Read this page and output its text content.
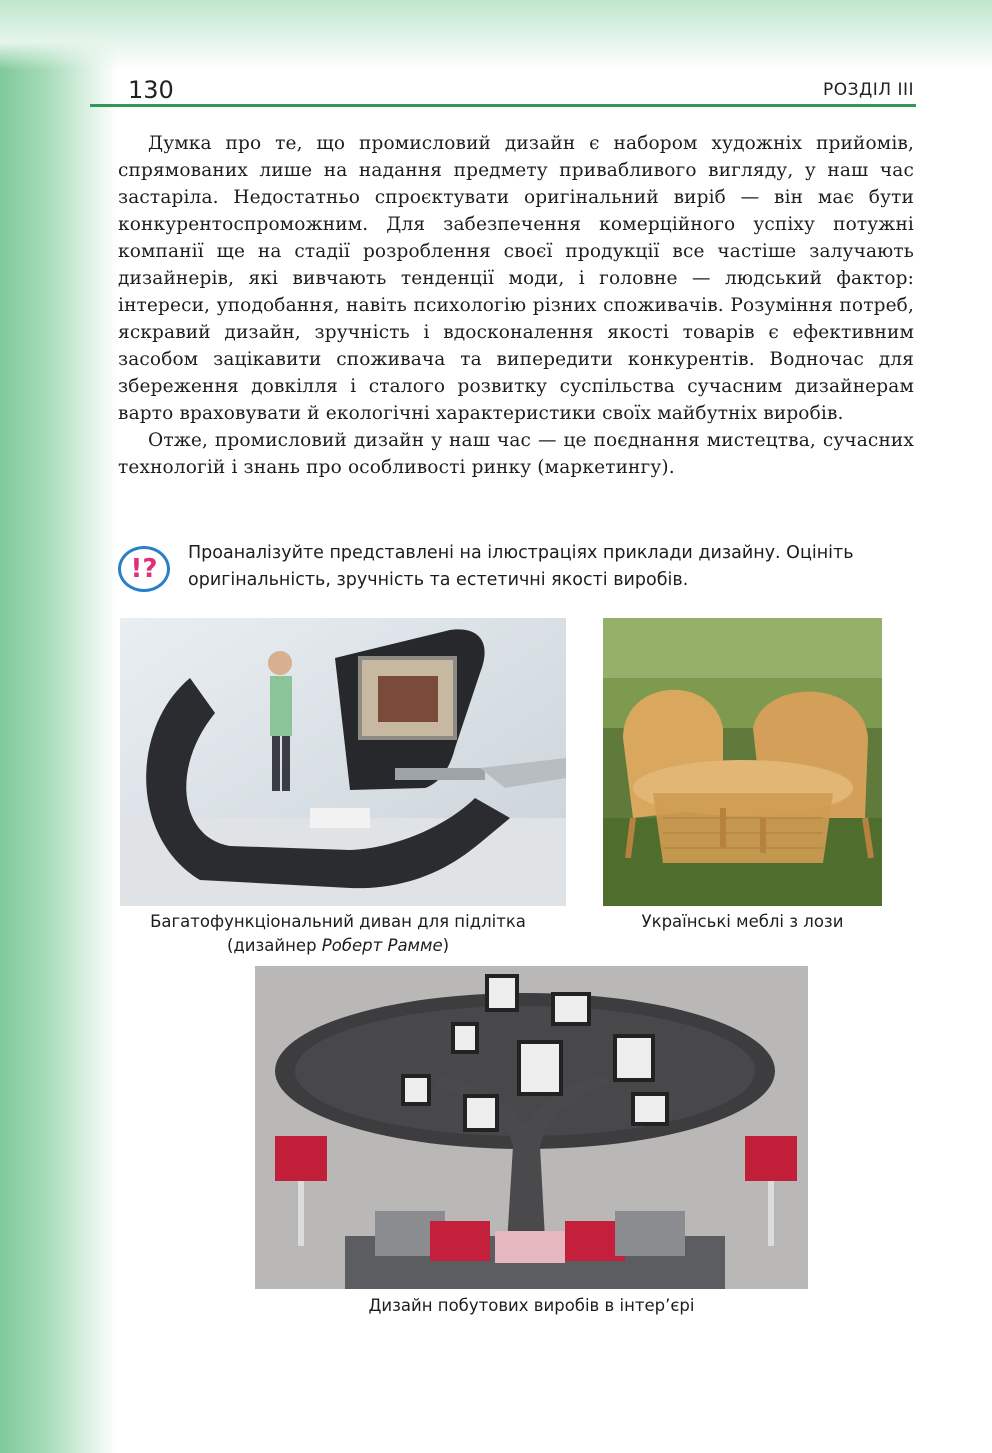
130	РОЗДІЛ III

Думка про те, що промисловий дизайн є набором художніх прийомів, спрямованих лише на надання предмету привабливого вигляду, у наш час застаріла. Недостатньо спроєктувати оригінальний виріб — він має бути конкурентоспроможним. Для забезпечення комерційного успіху потужні компанії ще на стадії розроблення своєї продукції все частіше залучають дизайнерів, які вивчають тенденції моди, і головне — людський фактор: інтереси, уподобання, навіть психологію різних споживачів. Розуміння потреб, яскравий дизайн, зручність і вдосконалення якості товарів є ефективним засобом зацікавити споживача та випередити конкурентів. Водночас для збереження довкілля і сталого розвитку суспільства сучасним дизайнерам варто враховувати й екологічні характеристики своїх майбутніх виробів.

Отже, промисловий дизайн у наш час — це поєднання мистецтва, сучасних технологій і знань про особливості ринку (маркетингу).

!?
Проаналізуйте представлені на ілюстраціях приклади дизайну. Оцініть оригінальність, зручність та естетичні якості виробів.
Багатофункціональний диван для підлітка
(дизайнер Роберт Рамме)
Українські меблі з лози
Дизайн побутових виробів в інтер’єрі
